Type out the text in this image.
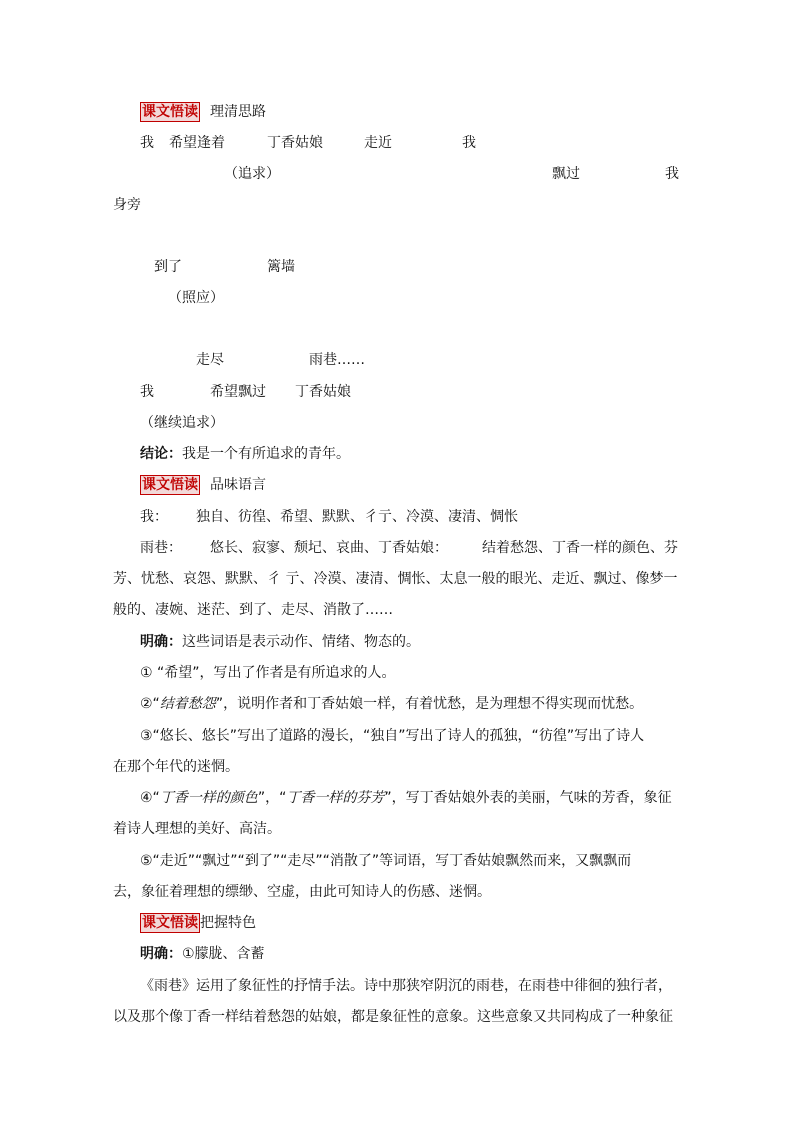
课文悟读 理清思路
我 希望逢着	丁香姑娘	走近	我
（追求）	飘过	我
身旁
到了	篱墙
（照应）
走尽	雨巷……
我	希望飘过 丁香姑娘
（继续追求）
结论：我是一个有所追求的青年。
课文悟读 品味语言
我： 独自、彷徨、希望、默默、彳亍、冷漠、凄清、惆怅
雨巷： 悠长、寂寥、颓圮、哀曲、丁香姑娘： 结着愁怨、丁香一样的颜色、芬
芳、忧愁、哀怨、默默、彳 亍、冷漠、凄清、惆怅、太息一般的眼光、走近、飘过、像梦一
般的、凄婉、迷茫、到了、走尽、消散了……
明确：这些词语是表示动作、情绪、物态的。
① “希望”，写出了作者是有所追求的人。
②“结着愁怨”，说明作者和丁香姑娘一样，有着忧愁，是为理想不得实现而忧愁。
③“悠长、悠长”写出了道路的漫长，“独自”写出了诗人的孤独，“彷徨”写出了诗人
在那个年代的迷惘。
④“丁香一样的颜色”，“丁香一样的芬芳”，写丁香姑娘外表的美丽，气味的芳香，象征
着诗人理想的美好、高洁。
⑤“走近”“飘过”“到了”“走尽”“消散了”等词语，写丁香姑娘飘然而来，又飘飘而
去，象征着理想的缥缈、空虚，由此可知诗人的伤感、迷惘。
课文悟读 把握特色
明确：①朦胧、含蓄
《雨巷》运用了象征性的抒情手法。诗中那狭窄阴沉的雨巷，在雨巷中徘徊的独行者，
以及那个像丁香一样结着愁怨的姑娘，都是象征性的意象。这些意象又共同构成了一种象征
